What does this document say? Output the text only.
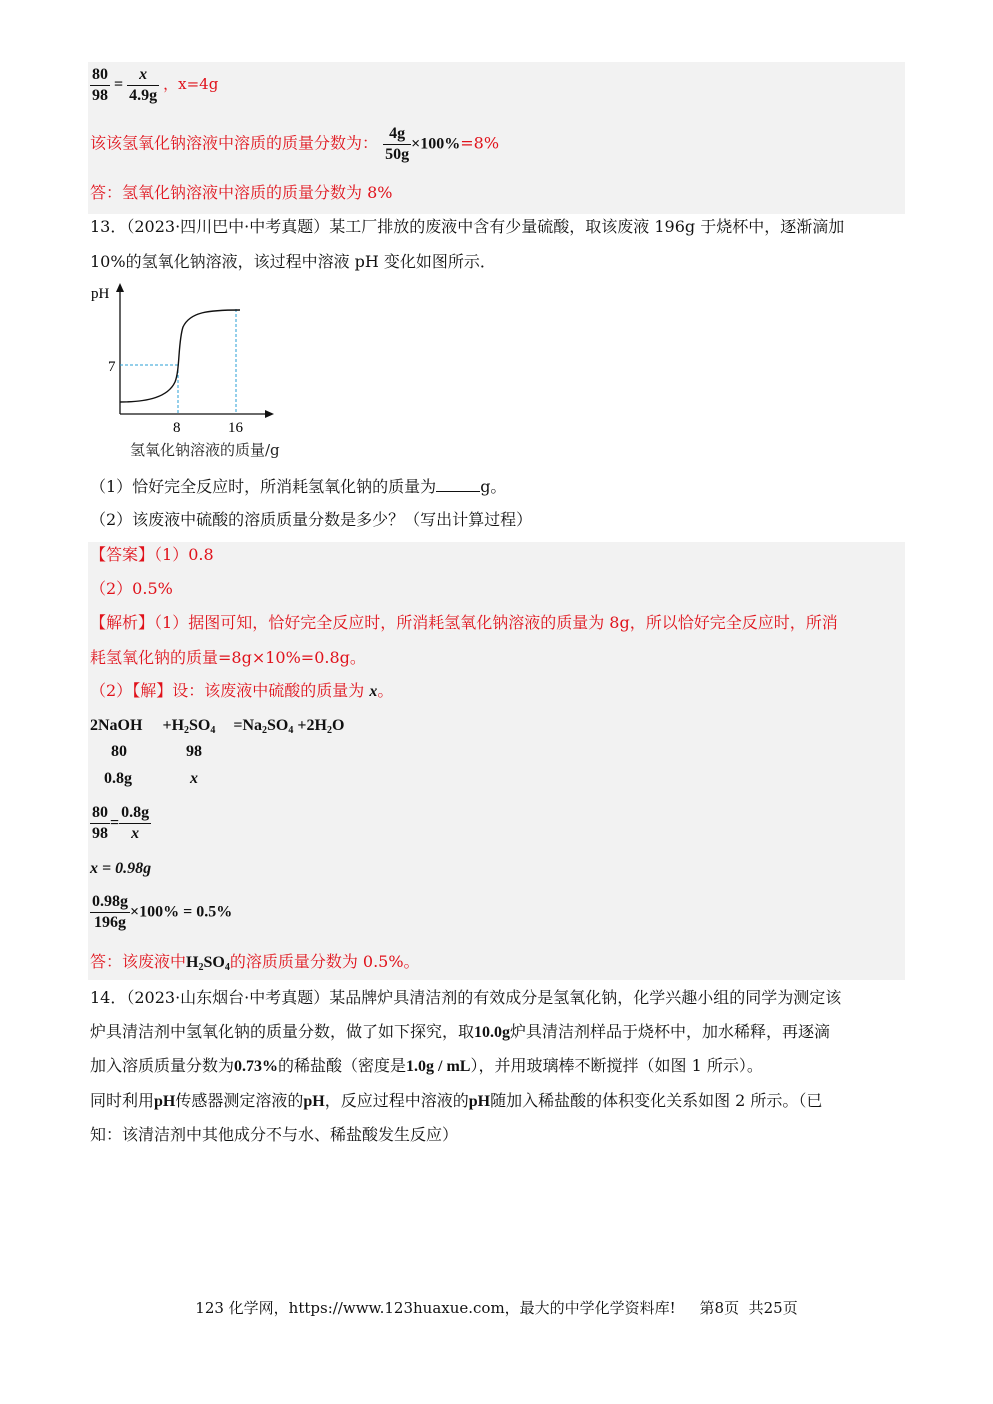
$\frac{80}{98} = \frac{x}{4.9g}$ ，x=4g
该该氢氧化钠溶液中溶质的质量分数为： $\frac{4g}{50g} \times 100\%=8\%$
答：氢氧化钠溶液中溶质的质量分数为 8%
13．（2023·四川巴中·中考真题）某工厂排放的废液中含有少量硫酸，取该废液 196g 于烧杯中，逐渐滴加
10%的氢氧化钠溶液，该过程中溶液 pH 变化如图所示．
pH
7
8	16
氢氧化钠溶液的质量/g
（1）恰好完全反应时，所消耗氢氧化钠的质量为	g。
（2）该废液中硫酸的溶质质量分数是多少？（写出计算过程）
【答案】（1）0.8
（2）0.5%
【解析】（1）据图可知，恰好完全反应时，所消耗氢氧化钠溶液的质量为 8g，所以恰好完全反应时，所消
耗氢氧化钠的质量=8g×10%=0.8g。
（2）【解】设：该废液中硫酸的质量为 x。
2NaOH $+H_2SO_4 =Na_2SO_4 +2H_2O$
80	98
0.8g	x
$\frac{80}{98} = \frac{0.8g}{x}$
x = 0.98g
$\frac{0.98g}{196g} \times 100\% = 0.5\%$
答：该废液中$H_2SO_4$的溶质质量分数为 0.5%。
14．（2023·山东烟台·中考真题）某品牌炉具清洁剂的有效成分是氢氧化钠，化学兴趣小组的同学为测定该
炉具清洁剂中氢氧化钠的质量分数，做了如下探究，取10.0g炉具清洁剂样品于烧杯中，加水稀释，再逐滴
加入溶质质量分数为0.73%的稀盐酸（密度是1.0g / mL），并用玻璃棒不断搅拌（如图 1 所示）。
同时利用pH传感器测定溶液的pH，反应过程中溶液的pH随加入稀盐酸的体积变化关系如图 2 所示。（已
知：该清洁剂中其他成分不与水、稀盐酸发生反应）
123 化学网，https://www.123huaxue.com，最大的中学化学资料库!     第8页  共25页
